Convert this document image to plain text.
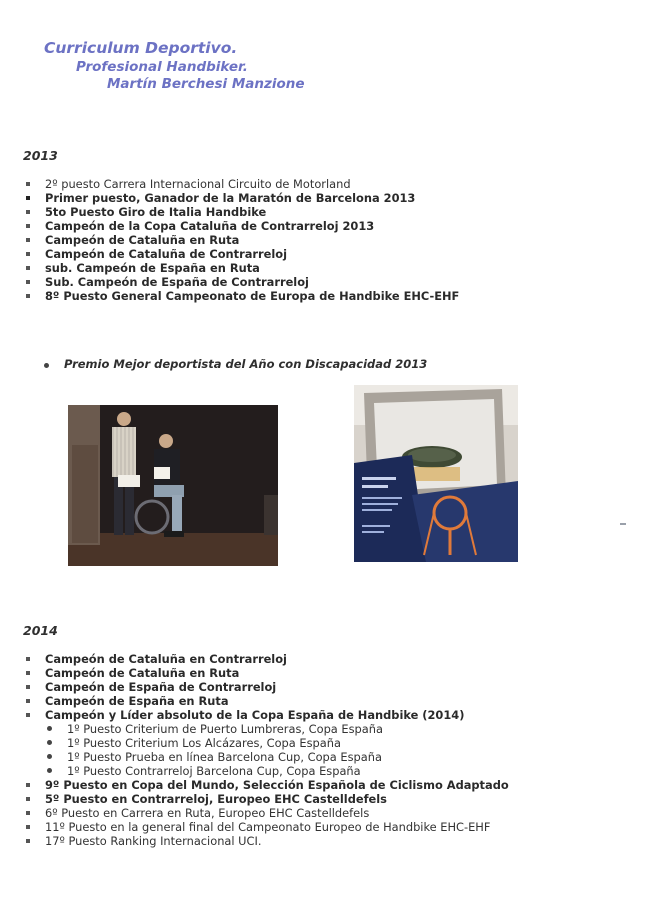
Curriculum Deportivo.
Profesional Handbiker.
Martín Berchesi Manzione
2013
2º puesto Carrera Internacional Circuito de Motorland
Primer puesto, Ganador de la Maratón de Barcelona 2013
5to Puesto Giro de Italia Handbike
Campeón de la Copa Cataluña de Contrarreloj 2013
Campeón de Cataluña en Ruta
Campeón de Cataluña de Contrarreloj
sub. Campeón de España en Ruta
Sub. Campeón de España de Contrarreloj
8º Puesto General Campeonato de Europa de Handbike EHC-EHF
Premio Mejor deportista del Año con Discapacidad 2013
2014
Campeón de Cataluña en Contrarreloj
Campeón de Cataluña en Ruta
Campeón de España de Contrarreloj
Campeón de España en Ruta
Campeón y Líder absoluto de la Copa España de Handbike (2014)
1º Puesto Criterium de Puerto Lumbreras, Copa España
1º Puesto Criterium Los Alcázares, Copa España
1º Puesto Prueba en línea Barcelona Cup, Copa España
1º Puesto Contrarreloj Barcelona Cup, Copa España
9º Puesto en Copa del Mundo, Selección Española de Ciclismo Adaptado
5º Puesto en Contrarreloj, Europeo EHC Castelldefels
6º Puesto en Carrera en Ruta, Europeo EHC Castelldefels
11º Puesto en la general final del Campeonato Europeo de Handbike EHC-EHF
17º Puesto Ranking Internacional UCI.
